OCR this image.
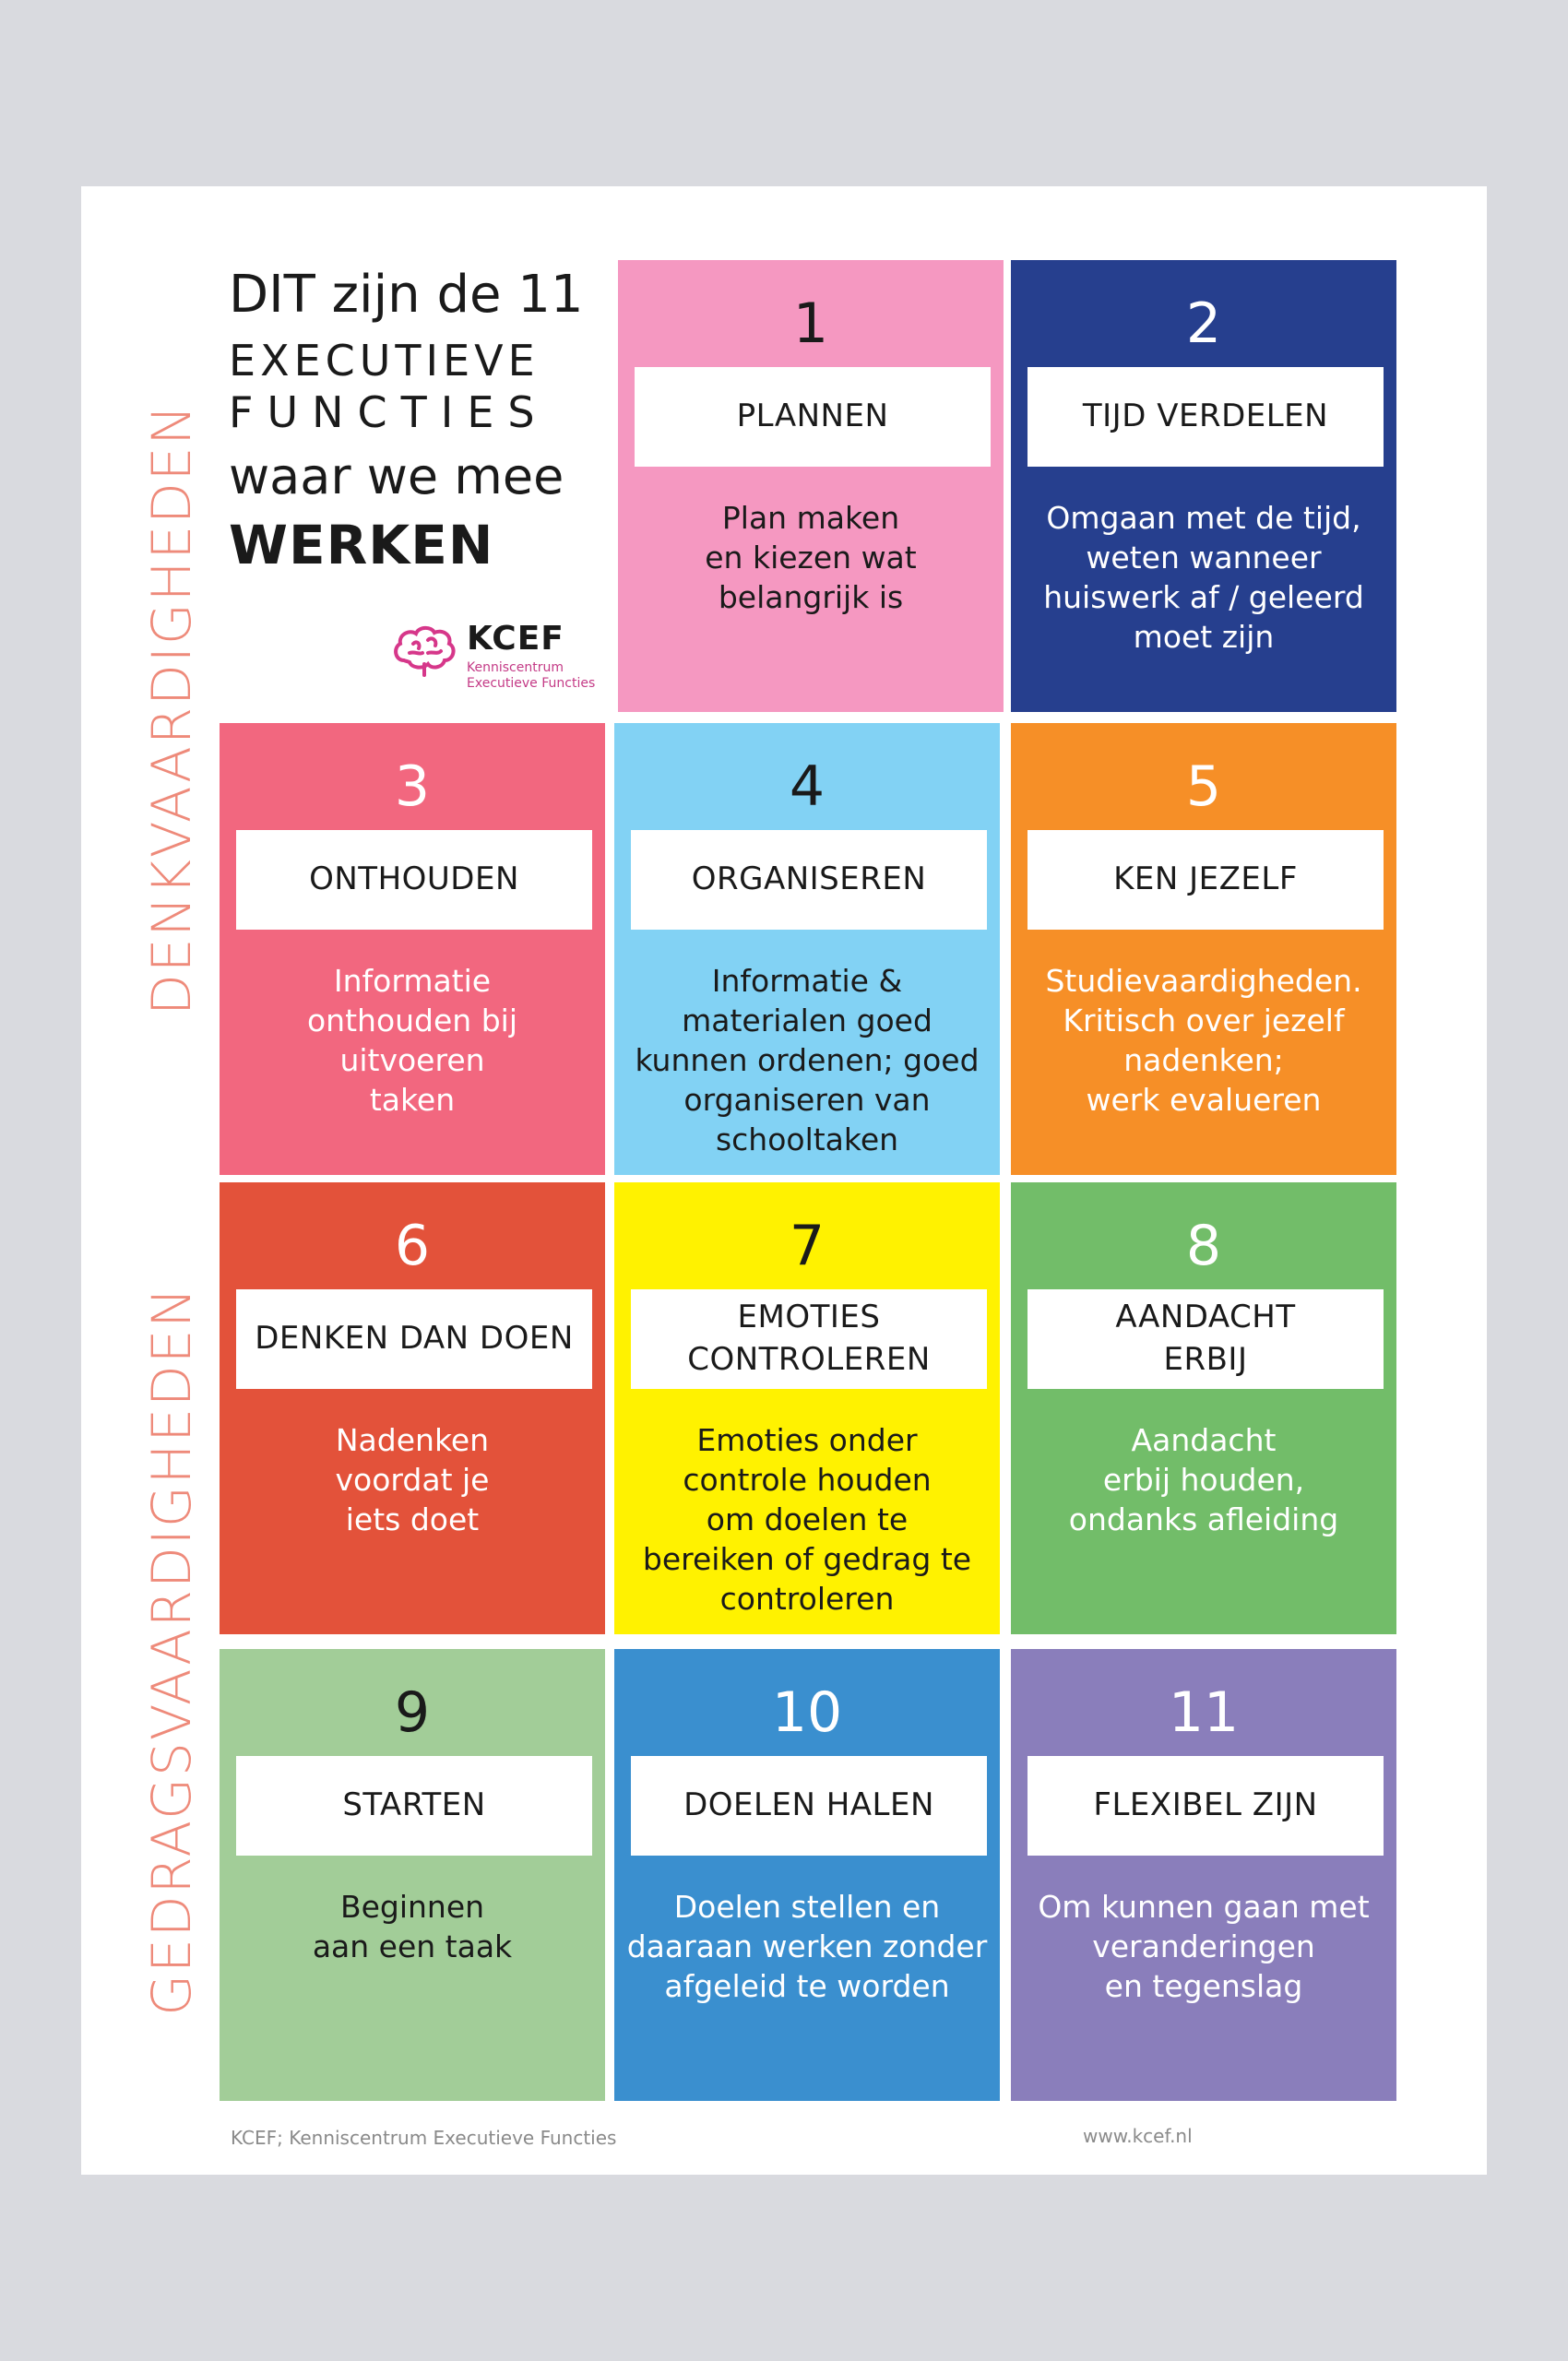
DENKVAARDIGHEDEN
GEDRAGSVAARDIGHEDEN
DIT zijn de 11
EXECUTIEVE
FUNCTIES
waar we mee
WERKEN
KCEF
Kenniscentrum
Executieve Functies
1
PLANNEN
Plan maken
en kiezen wat
belangrijk is
2
TIJD VERDELEN
Omgaan met de tijd,
weten wanneer
huiswerk af / geleerd
moet zijn
3
ONTHOUDEN
Informatie
onthouden bij
uitvoeren
taken
4
ORGANISEREN
Informatie &
materialen goed
kunnen ordenen; goed
organiseren van
schooltaken
5
KEN JEZELF
Studievaardigheden.
Kritisch over jezelf
nadenken;
werk evalueren
6
DENKEN DAN DOEN
Nadenken
voordat je
iets doet
7
EMOTIES
CONTROLEREN
Emoties onder
controle houden
om doelen te
bereiken of gedrag te
controleren
8
AANDACHT
ERBIJ
Aandacht
erbij houden,
ondanks afleiding
9
STARTEN
Beginnen
aan een taak
10
DOELEN HALEN
Doelen stellen en
daaraan werken zonder
afgeleid te worden
11
FLEXIBEL ZIJN
Om kunnen gaan met
veranderingen
en tegenslag
KCEF; Kenniscentrum Executieve Functies	www.kcef.nl
